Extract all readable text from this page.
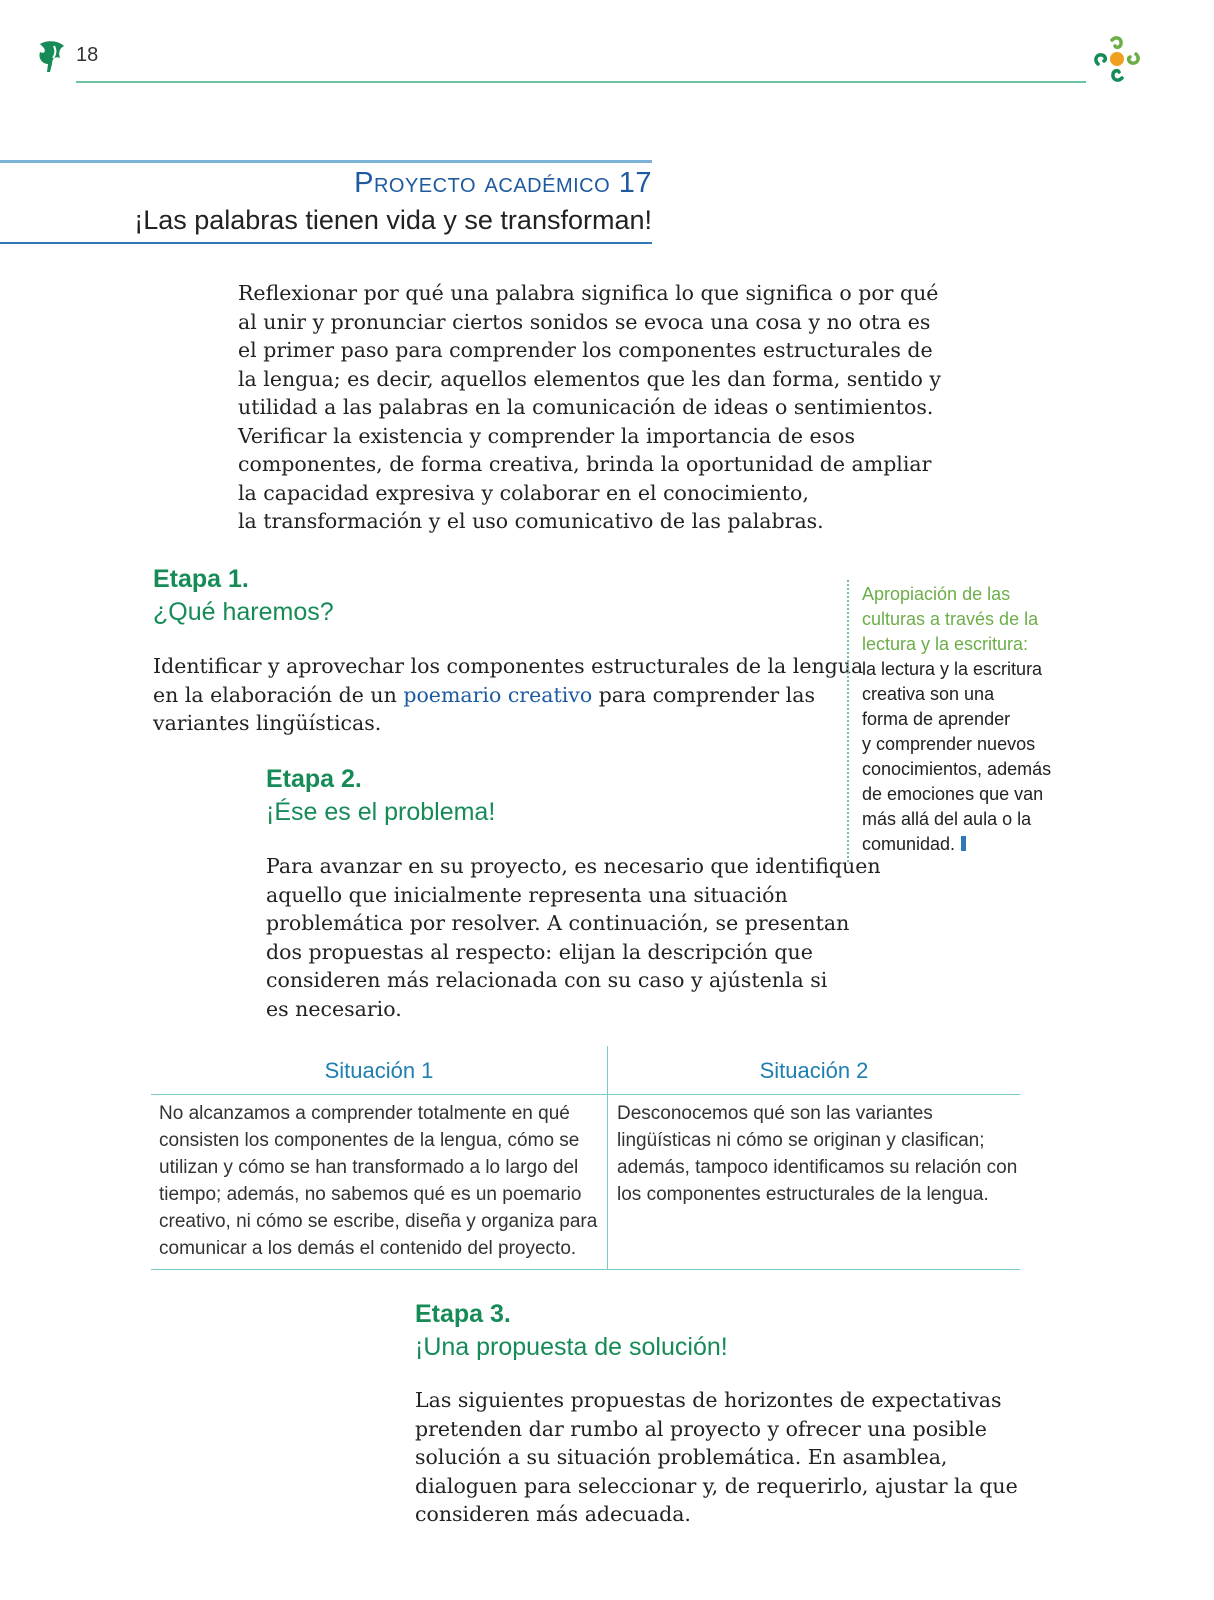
18
Proyecto académico 17
¡Las palabras tienen vida y se transforman!
Reflexionar por qué una palabra significa lo que significa o por qué
al unir y pronunciar ciertos sonidos se evoca una cosa y no otra es
el primer paso para comprender los componentes estructurales de
la lengua; es decir, aquellos elementos que les dan forma, sentido y
utilidad a las palabras en la comunicación de ideas o sentimientos.
Verificar la existencia y comprender la importancia de esos
componentes, de forma creativa, brinda la oportunidad de ampliar
la capacidad expresiva y colaborar en el conocimiento,
la transformación y el uso comunicativo de las palabras.
Etapa 1.
¿Qué haremos?
Identificar y aprovechar los componentes estructurales de la lengua
en la elaboración de un poemario creativo para comprender las
variantes lingüísticas.
Etapa 2.
¡Ése es el problema!
Para avanzar en su proyecto, es necesario que identifiquen
aquello que inicialmente representa una situación
problemática por resolver. A continuación, se presentan
dos propuestas al respecto: elijan la descripción que
consideren más relacionada con su caso y ajústenla si
es necesario.
Apropiación de las
culturas a través de la
lectura y la escritura:
la lectura y la escritura
creativa son una
forma de aprender
y comprender nuevos
conocimientos, además
de emociones que van
más allá del aula o la
comunidad.
Situación 1	Situación 2
No alcanzamos a comprender totalmente en qué
consisten los componentes de la lengua, cómo se
utilizan y cómo se han transformado a lo largo del
tiempo; además, no sabemos qué es un poemario
creativo, ni cómo se escribe, diseña y organiza para
comunicar a los demás el contenido del proyecto.
Desconocemos qué son las variantes
lingüísticas ni cómo se originan y clasifican;
además, tampoco identificamos su relación con
los componentes estructurales de la lengua.
Etapa 3.
¡Una propuesta de solución!
Las siguientes propuestas de horizontes de expectativas
pretenden dar rumbo al proyecto y ofrecer una posible
solución a su situación problemática. En asamblea,
dialoguen para seleccionar y, de requerirlo, ajustar la que
consideren más adecuada.
